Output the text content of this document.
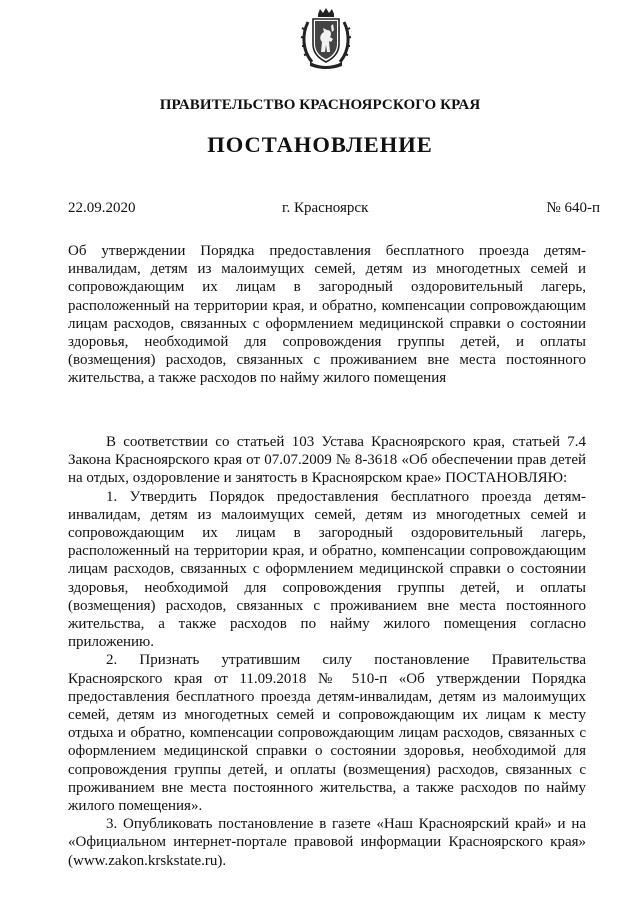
ПРАВИТЕЛЬСТВО КРАСНОЯРСКОГО КРАЯ
ПОСТАНОВЛЕНИЕ
22.09.2020	г. Красноярск	№ 640-п
Об утверждении Порядка предоставления бесплатного проезда детям-инвалидам, детям из малоимущих семей, детям из многодетных семей и сопровождающим их лицам в загородный оздоровительный лагерь, расположенный на территории края, и обратно, компенсации сопровождающим лицам расходов, связанных с оформлением медицинской справки о состоянии здоровья, необходимой для сопровождения группы детей, и оплаты (возмещения) расходов, связанных с проживанием вне места постоянного жительства, а также расходов по найму жилого помещения

В соответствии со статьей 103 Устава Красноярского края, статьей 7.4 Закона Красноярского края от 07.07.2009 № 8-3618 «Об обеспечении прав детей на отдых, оздоровление и занятость в Красноярском крае» ПОСТАНОВЛЯЮ:

1. Утвердить Порядок предоставления бесплатного проезда детям-инвалидам, детям из малоимущих семей, детям из многодетных семей и сопровождающим их лицам в загородный оздоровительный лагерь, расположенный на территории края, и обратно, компенсации сопровождающим лицам расходов, связанных с оформлением медицинской справки о состоянии здоровья, необходимой для сопровождения группы детей, и оплаты (возмещения) расходов, связанных с проживанием вне места постоянного жительства, а также расходов по найму жилого помещения согласно приложению.

2. Признать утратившим силу постановление Правительства Красноярского края от 11.09.2018 № 510-п «Об утверждении Порядка предоставления бесплатного проезда детям-инвалидам, детям из малоимущих семей, детям из многодетных семей и сопровождающим их лицам к месту отдыха и обратно, компенсации сопровождающим лицам расходов, связанных с оформлением медицинской справки о состоянии здоровья, необходимой для сопровождения группы детей, и оплаты (возмещения) расходов, связанных с проживанием вне места постоянного жительства, а также расходов по найму жилого помещения».

3. Опубликовать постановление в газете «Наш Красноярский край» и на «Официальном интернет-портале правовой информации Красноярского края» (www.zakon.krskstate.ru).
